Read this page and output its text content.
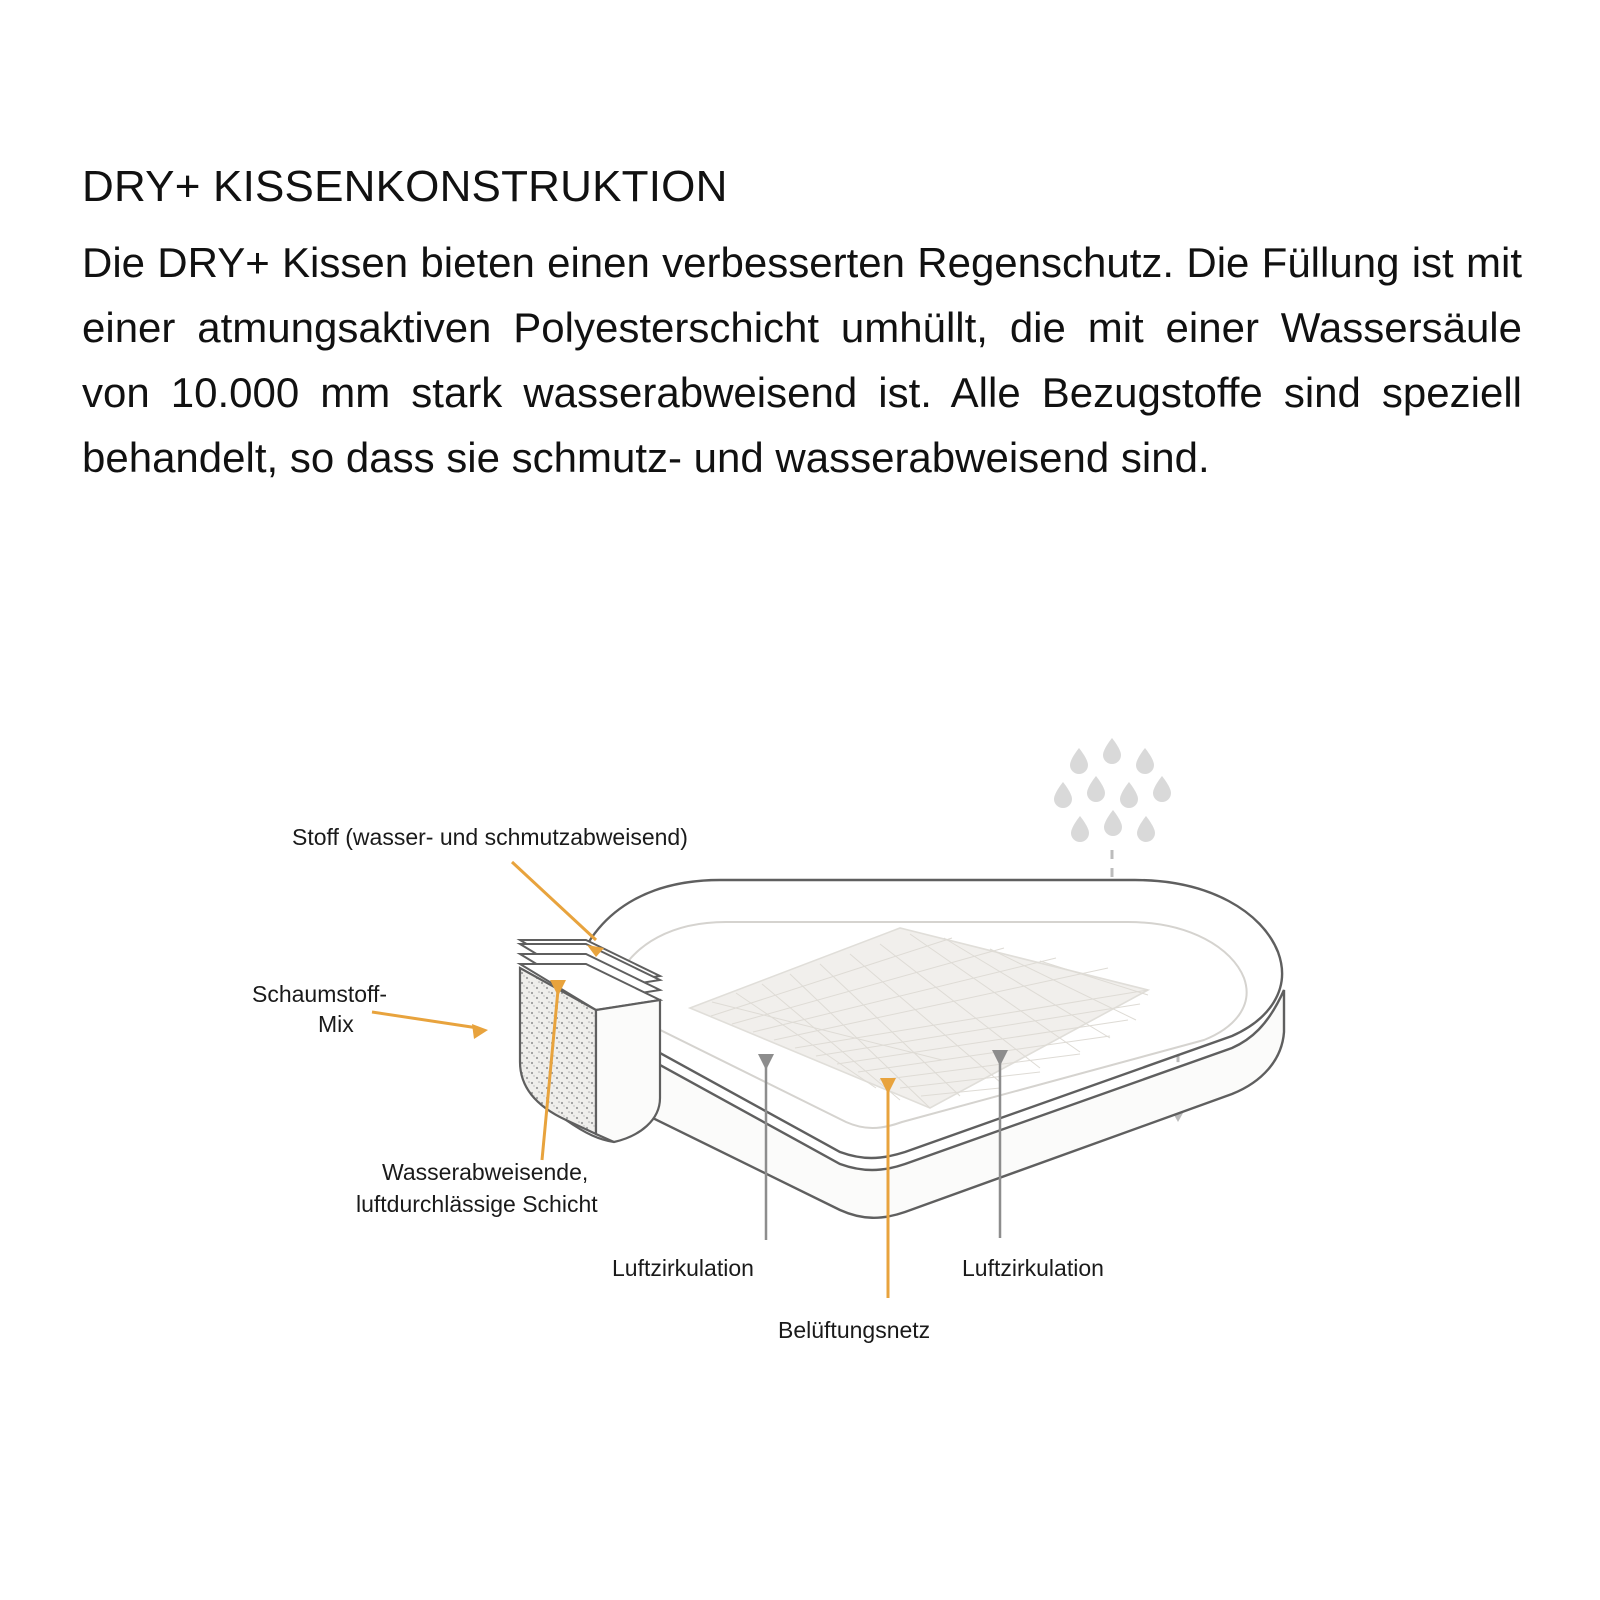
DRY+ KISSENKONSTRUKTION

Die DRY+ Kissen bieten einen verbesserten Regenschutz. Die Füllung ist mit einer atmungsaktiven Polyesterschicht umhüllt, die mit einer Wassersäule von 10.000 mm stark wasserabweisend ist. Alle Bezugstoffe sind speziell behandelt, so dass sie schmutz- und wasserabweisend sind.

Stoff (wasser- und schmutzabweisend)
Schaumstoff-
Mix
Wasserabweisende,
luftdurchlässige Schicht
Luftzirkulation	Luftzirkulation
Belüftungsnetz
